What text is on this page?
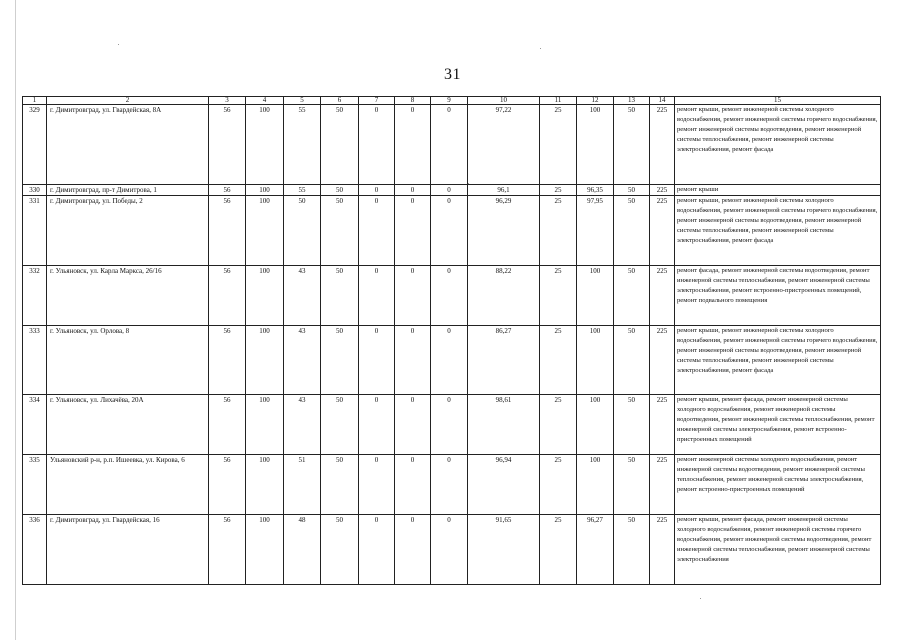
31
1	2	3	4	5	6	7	8	9	10	11	12	13	14	15
329	г. Димитровград, ул. Гвардейская, 8А	56	100	55	50	0	0	0	97,22	25	100	50	225	ремонт крыши, ремонт инженерной системы холодного водоснабжения, ремонт инженерной системы горячего водоснабжения, ремонт инженерной системы водоотведения, ремонт инженерной системы теплоснабжения, ремонт инженерной системы электроснабжения, ремонт фасада
330	г. Димитровград, пр-т Димитрова, 1	56	100	55	50	0	0	0	96,1	25	96,35	50	225	ремонт крыши
331	г. Димитровград, ул. Победы, 2	56	100	50	50	0	0	0	96,29	25	97,95	50	225	ремонт крыши, ремонт инженерной системы холодного водоснабжения, ремонт инженерной системы горячего водоснабжения, ремонт инженерной системы водоотведения, ремонт инженерной системы теплоснабжения, ремонт инженерной системы электроснабжения, ремонт фасада
332	г. Ульяновск, ул. Карла Маркса, 26/16	56	100	43	50	0	0	0	88,22	25	100	50	225	ремонт фасада, ремонт инженерной системы водоотведения, ремонт инженерной системы теплоснабжения, ремонт инженерной системы электроснабжения, ремонт встроенно-пристроенных помещений, ремонт подвального помещения
333	г. Ульяновск, ул. Орлова, 8	56	100	43	50	0	0	0	86,27	25	100	50	225	ремонт крыши, ремонт инженерной системы холодного водоснабжения, ремонт инженерной системы горячего водоснабжения, ремонт инженерной системы водоотведения, ремонт инженерной системы теплоснабжения, ремонт инженерной системы электроснабжения, ремонт фасада
334	г. Ульяновск, ул. Лихачёва, 20А	56	100	43	50	0	0	0	98,61	25	100	50	225	ремонт крыши, ремонт фасада, ремонт инженерной системы холодного водоснабжения, ремонт инженерной системы водоотведения, ремонт инженерной системы теплоснабжения, ремонт инженерной системы электроснабжения, ремонт встроенно-пристроенных помещений
335	Ульяновский р-н, р.п. Ишеевка, ул. Кирова, 6	56	100	51	50	0	0	0	96,94	25	100	50	225	ремонт инженерной системы холодного водоснабжения, ремонт инженерной системы водоотведения, ремонт инженерной системы теплоснабжения, ремонт инженерной системы электроснабжения, ремонт встроенно-пристроенных помещений
336	г. Димитровград, ул. Гвардейская, 16	56	100	48	50	0	0	0	91,65	25	96,27	50	225	ремонт крыши, ремонт фасада, ремонт инженерной системы холодного водоснабжения, ремонт инженерной системы горячего водоснабжения, ремонт инженерной системы водоотведения, ремонт инженерной системы теплоснабжения, ремонт инженерной системы электроснабжения
